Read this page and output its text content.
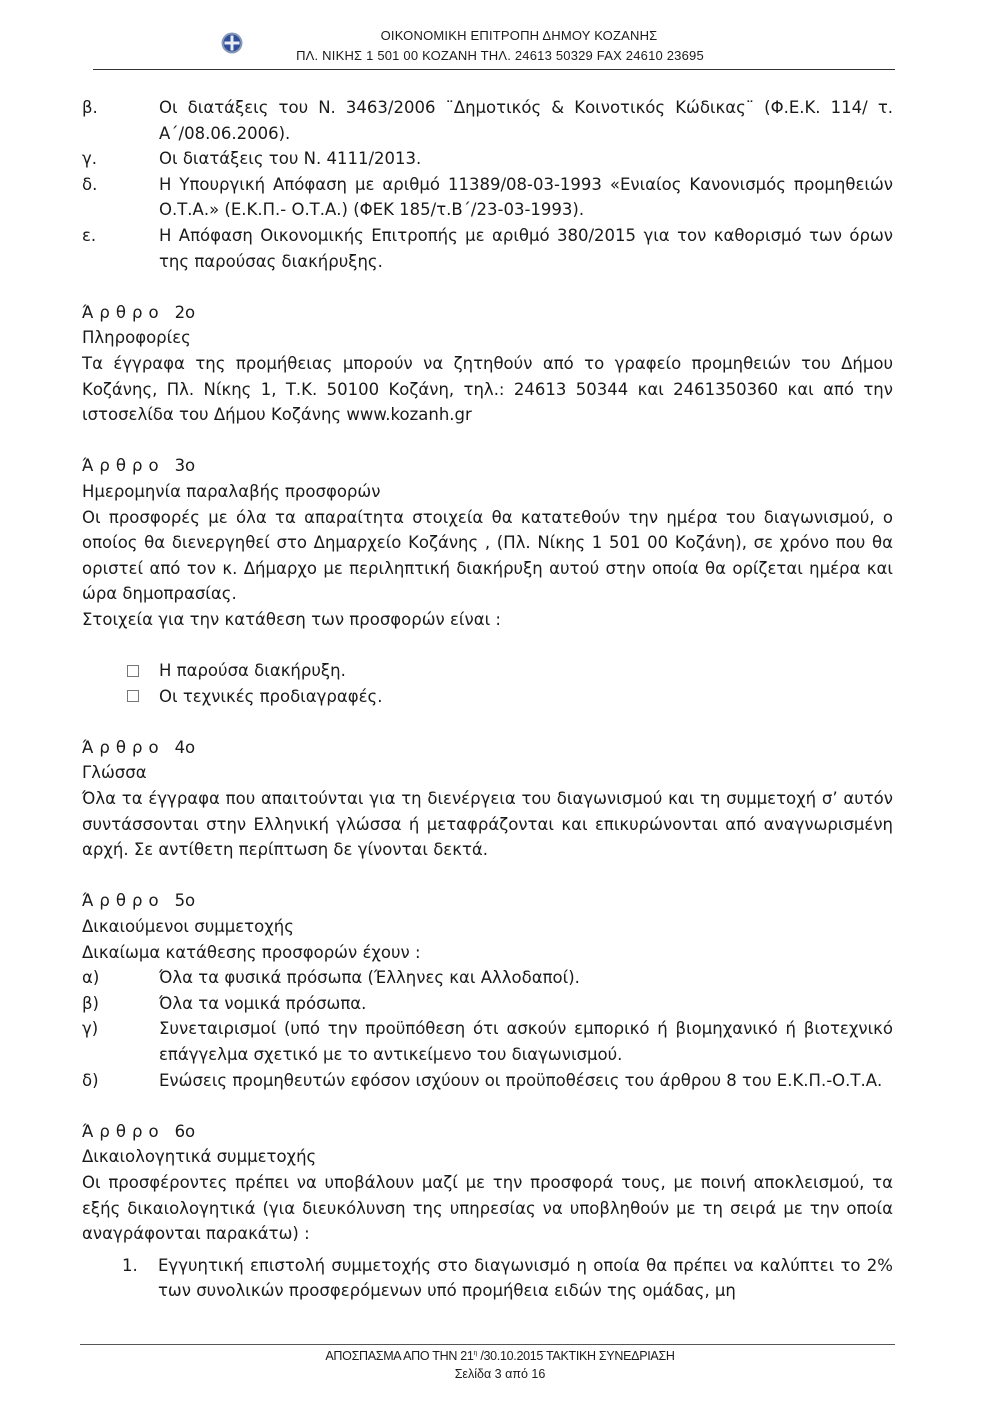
ΟΙΚΟΝΟΜΙΚΗ ΕΠΙΤΡΟΠΗ ΔΗΜΟΥ ΚΟΖΑΝΗΣ
ΠΛ. ΝΙΚΗΣ 1 501 00 ΚΟΖΑΝΗ ΤΗΛ. 24613 50329 FAX 24610 23695
β.	Οι διατάξεις του Ν. 3463/2006 ¨Δημοτικός & Κοινοτικός Κώδικας¨ (Φ.Ε.Κ. 114/ τ. Α΄/08.06.2006).
γ.	Οι διατάξεις του Ν. 4111/2013.
δ.	Η Υπουργική Απόφαση με αριθμό 11389/08-03-1993 «Ενιαίος Κανονισμός προμηθειών Ο.Τ.Α.» (Ε.Κ.Π.- Ο.Τ.Α.) (ΦΕΚ 185/τ.Β΄/23-03-1993).
ε.	Η Απόφαση Οικονομικής Επιτροπής με αριθμό 380/2015 για τον καθορισμό των όρων της παρούσας διακήρυξης.
Άρθρο 2ο
Πληροφορίες
Τα έγγραφα της προμήθειας μπορούν να ζητηθούν από το γραφείο προμηθειών του Δήμου Κοζάνης, Πλ. Νίκης 1, Τ.Κ. 50100 Κοζάνη, τηλ.: 24613 50344 και 2461350360 και από την ιστοσελίδα του Δήμου Κοζάνης www.kozanh.gr
Άρθρο 3ο
Ημερομηνία παραλαβής προσφορών
Οι προσφορές με όλα τα απαραίτητα στοιχεία θα κατατεθούν την ημέρα του διαγωνισμού, ο οποίος θα διενεργηθεί στο Δημαρχείο Κοζάνης , (Πλ. Νίκης 1 501 00 Κοζάνη), σε χρόνο που θα οριστεί από τον κ. Δήμαρχο με περιληπτική διακήρυξη αυτού στην οποία θα ορίζεται ημέρα και ώρα δημοπρασίας.
Στοιχεία για την κατάθεση των προσφορών είναι :
Η παρούσα διακήρυξη.
Οι τεχνικές προδιαγραφές.
Άρθρο 4ο
Γλώσσα
Όλα τα έγγραφα που απαιτούνται για τη διενέργεια του διαγωνισμού και τη συμμετοχή σ’ αυτόν συντάσσονται στην Ελληνική γλώσσα ή μεταφράζονται και επικυρώνονται από αναγνωρισμένη αρχή. Σε αντίθετη περίπτωση δε γίνονται δεκτά.
Άρθρο 5ο
Δικαιούμενοι συμμετοχής
Δικαίωμα κατάθεσης προσφορών έχουν :
α)	Όλα τα φυσικά πρόσωπα (Έλληνες και Αλλοδαποί).
β)	Όλα τα νομικά πρόσωπα.
γ)	Συνεταιρισμοί (υπό την προϋπόθεση ότι ασκούν εμπορικό ή βιομηχανικό ή βιοτεχνικό επάγγελμα σχετικό με το αντικείμενο του διαγωνισμού.
δ)	Ενώσεις προμηθευτών εφόσον ισχύουν οι προϋποθέσεις του άρθρου 8 του Ε.Κ.Π.-Ο.Τ.Α.
Άρθρο 6ο
Δικαιολογητικά συμμετοχής
Οι προσφέροντες πρέπει να υποβάλουν μαζί με την προσφορά τους, με ποινή αποκλεισμού, τα εξής δικαιολογητικά (για διευκόλυνση της υπηρεσίας να υποβληθούν με τη σειρά με την οποία αναγράφονται παρακάτω) :
1.	Εγγυητική επιστολή συμμετοχής στο διαγωνισμό η οποία θα πρέπει να καλύπτει το 2% των συνολικών προσφερόμενων υπό προμήθεια ειδών της ομάδας, μη
ΑΠΟΣΠΑΣΜΑ ΑΠΟ ΤΗΝ $21^\eta$ /30.10.2015 ΤΑΚΤΙΚΗ ΣΥΝΕΔΡΙΑΣΗ
Σελίδα 3 από 16
